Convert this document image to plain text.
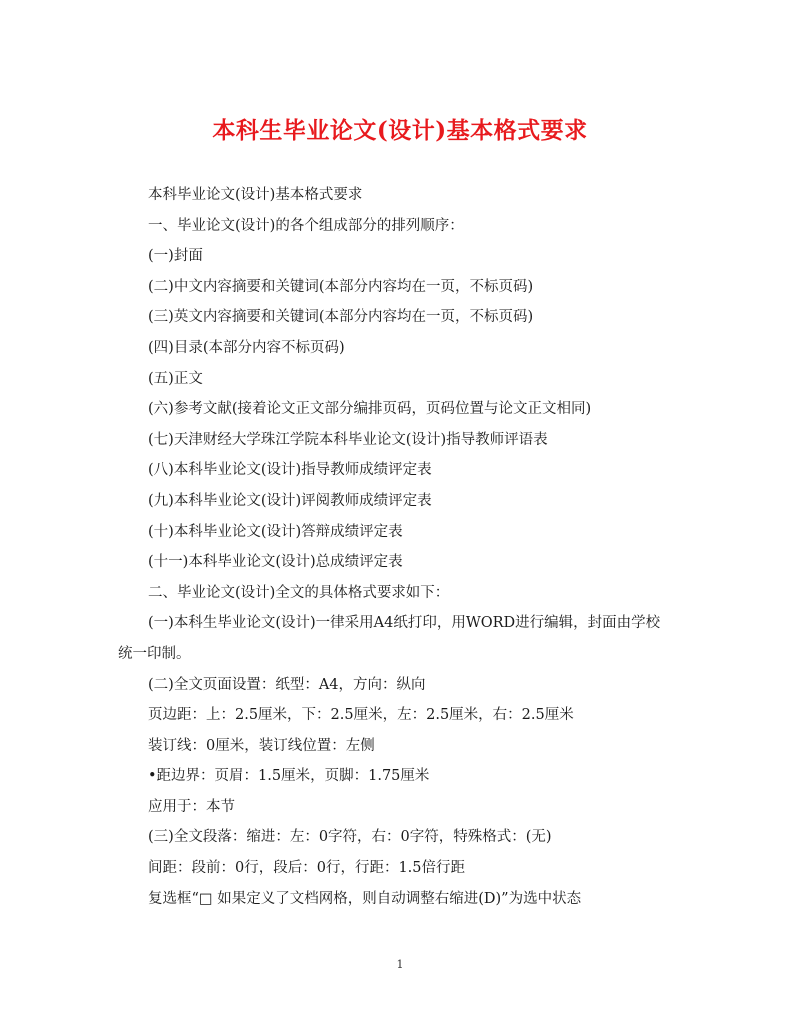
本科生毕业论文(设计)基本格式要求

本科毕业论文(设计)基本格式要求

一、毕业论文(设计)的各个组成部分的排列顺序：

(一)封面

(二)中文内容摘要和关键词(本部分内容均在一页，不标页码)

(三)英文内容摘要和关键词(本部分内容均在一页，不标页码)

(四)目录(本部分内容不标页码)

(五)正文

(六)参考文献(接着论文正文部分编排页码，页码位置与论文正文相同)

(七)天津财经大学珠江学院本科毕业论文(设计)指导教师评语表

(八)本科毕业论文(设计)指导教师成绩评定表

(九)本科毕业论文(设计)评阅教师成绩评定表

(十)本科毕业论文(设计)答辩成绩评定表

(十一)本科毕业论文(设计)总成绩评定表

二、毕业论文(设计)全文的具体格式要求如下：

(一)本科生毕业论文(设计)一律采用A4纸打印，用WORD进行编辑，封面由学校统一印制。

(二)全文页面设置：纸型：A4，方向：纵向

页边距：上：2.5厘米，下：2.5厘米，左：2.5厘米，右：2.5厘米

装订线：0厘米，装订线位置：左侧

•距边界：页眉：1.5厘米，页脚：1.75厘米

应用于：本节

(三)全文段落：缩进：左：0字符，右：0字符，特殊格式：(无)

间距：段前：0行，段后：0行，行距：1.5倍行距

复选框“□ 如果定义了文档网格，则自动调整右缩进(D)”为选中状态

1
